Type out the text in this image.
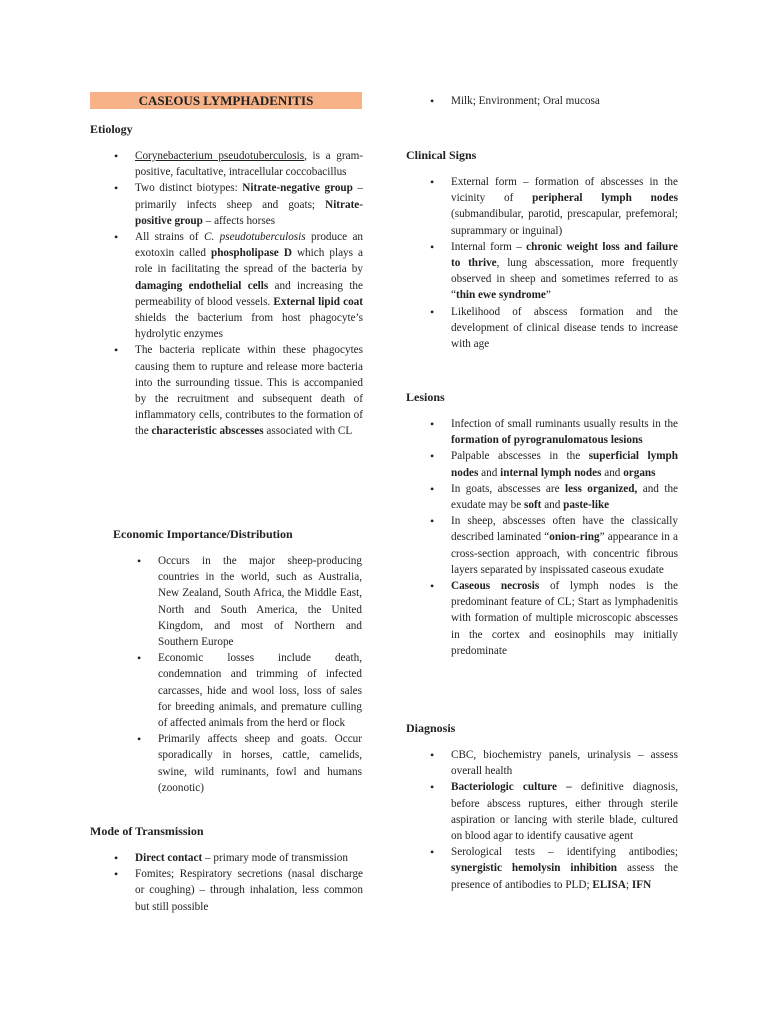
CASEOUS LYMPHADENITIS

Etiology

• Corynebacterium pseudotuberculosis, is a gram-positive, facultative, intracellular coccobacillus
• Two distinct biotypes: Nitrate-negative group – primarily infects sheep and goats; Nitrate-positive group – affects horses
• All strains of C. pseudotuberculosis produce an exotoxin called phospholipase D which plays a role in facilitating the spread of the bacteria by damaging endothelial cells and increasing the permeability of blood vessels. External lipid coat shields the bacterium from host phagocyte’s hydrolytic enzymes
• The bacteria replicate within these phagocytes causing them to rupture and release more bacteria into the surrounding tissue. This is accompanied by the recruitment and subsequent death of inflammatory cells, contributes to the formation of the characteristic abscesses associated with CL

Economic Importance/Distribution

• Occurs in the major sheep-producing countries in the world, such as Australia, New Zealand, South Africa, the Middle East, North and South America, the United Kingdom, and most of Northern and Southern Europe
• Economic losses include death, condemnation and trimming of infected carcasses, hide and wool loss, loss of sales for breeding animals, and premature culling of affected animals from the herd or flock
• Primarily affects sheep and goats. Occur sporadically in horses, cattle, camelids, swine, wild ruminants, fowl and humans (zoonotic)

Mode of Transmission

• Direct contact – primary mode of transmission
• Fomites; Respiratory secretions (nasal discharge or coughing) – through inhalation, less common but still possible
• Milk; Environment; Oral mucosa

Clinical Signs

• External form – formation of abscesses in the vicinity of peripheral lymph nodes (submandibular, parotid, prescapular, prefemoral; suprammary or inguinal)
• Internal form – chronic weight loss and failure to thrive, lung abscessation, more frequently observed in sheep and sometimes referred to as “thin ewe syndrome”
• Likelihood of abscess formation and the development of clinical disease tends to increase with age

Lesions

• Infection of small ruminants usually results in the formation of pyrogranulomatous lesions
• Palpable abscesses in the superficial lymph nodes and internal lymph nodes and organs
• In goats, abscesses are less organized, and the exudate may be soft and paste-like
• In sheep, abscesses often have the classically described laminated “onion-ring” appearance in a cross-section approach, with concentric fibrous layers separated by inspissated caseous exudate
• Caseous necrosis of lymph nodes is the predominant feature of CL; Start as lymphadenitis with formation of multiple microscopic abscesses in the cortex and eosinophils may initially predominate

Diagnosis

• CBC, biochemistry panels, urinalysis – assess overall health
• Bacteriologic culture – definitive diagnosis, before abscess ruptures, either through sterile aspiration or lancing with sterile blade, cultured on blood agar to identify causative agent
• Serological tests – identifying antibodies; synergistic hemolysin inhibition assess the presence of antibodies to PLD; ELISA; IFN
